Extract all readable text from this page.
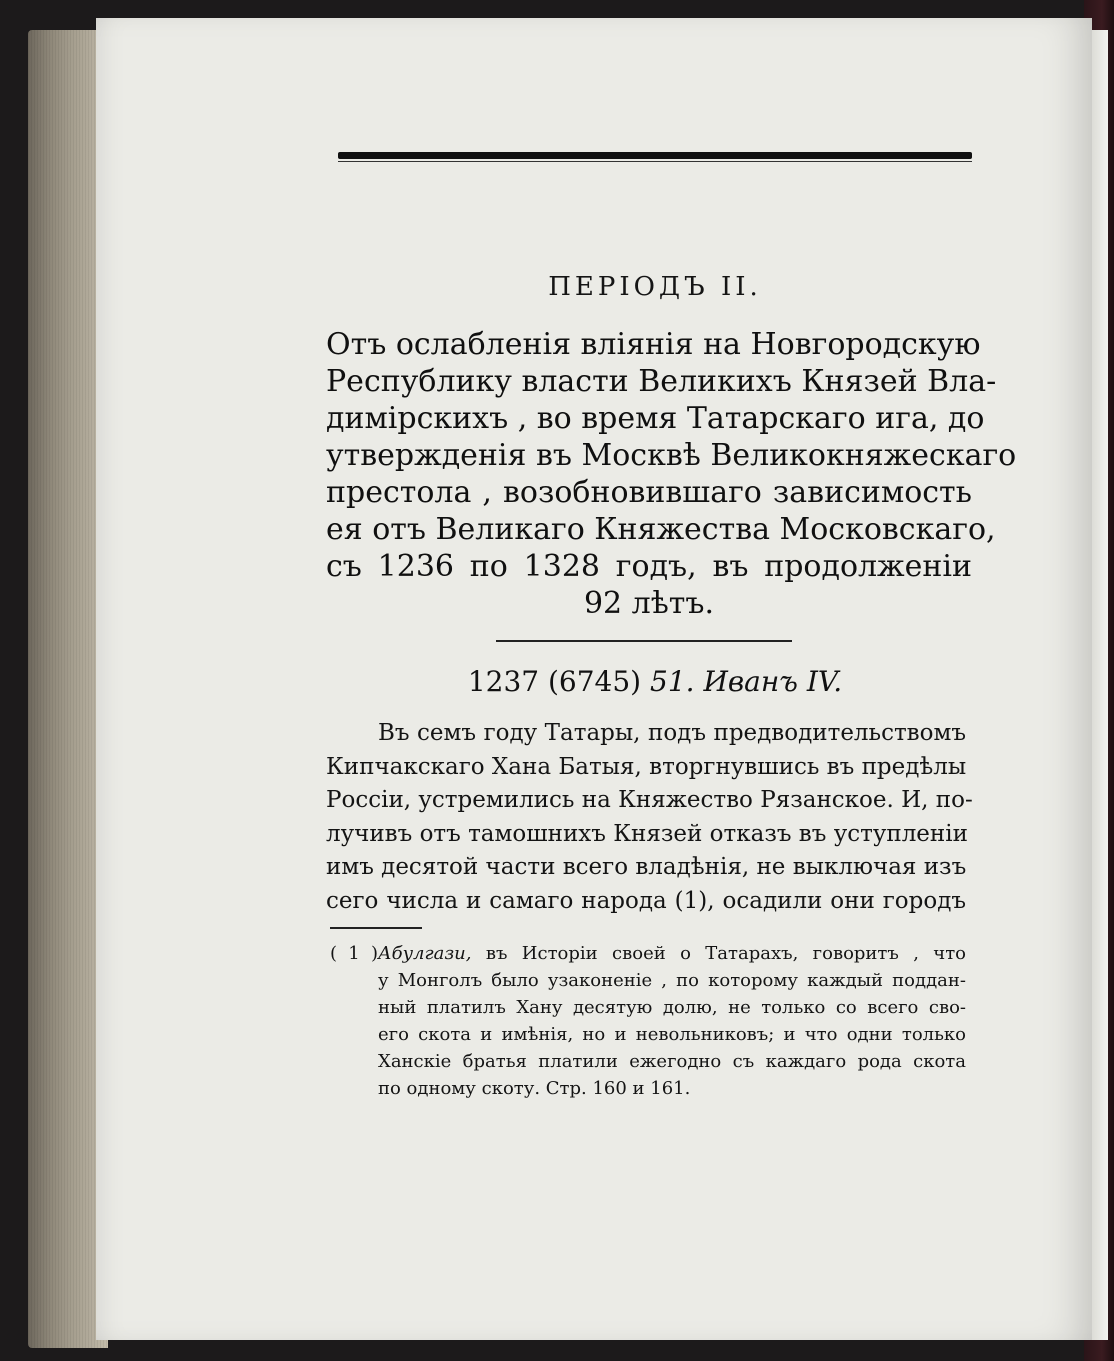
ПЕРІОДЪ II.
Отъ ослабленія вліянія на Новгородскую
Республику власти Великихъ Князей Вла-
димірскихъ , во время Татарскаго ига, до
утвержденія въ Москвѣ Великокняжескаго
престола , возобновившаго зависимость
ея отъ Великаго Княжества Московскаго,
съ 1236 по 1328 годъ, въ продолженіи
92 лѣтъ.
1237 (6745) 51. Иванъ IV.
Въ семъ году Татары, подъ предводительствомъ
Кипчакскаго Хана Батыя, вторгнувшись въ предѣлы
Россіи, устремились на Княжество Рязанское. И, по-
лучивъ отъ тамошнихъ Князей отказъ въ уступленіи
имъ десятой части всего владѣнія, не выключая изъ
сего числа и самаго народа (1), осадили они городъ
( 1 )Абулгази, въ Исторіи своей о Татарахъ, говоритъ , что
у Монголъ было узаконеніе , по которому каждый поддан-
ный платилъ Хану десятую долю, не только со всего сво-
его скота и имѣнія, но и невольниковъ; и что одни только
Ханскіе братья платили ежегодно съ каждаго рода скота
по одному скоту. Стр. 160 и 161.
